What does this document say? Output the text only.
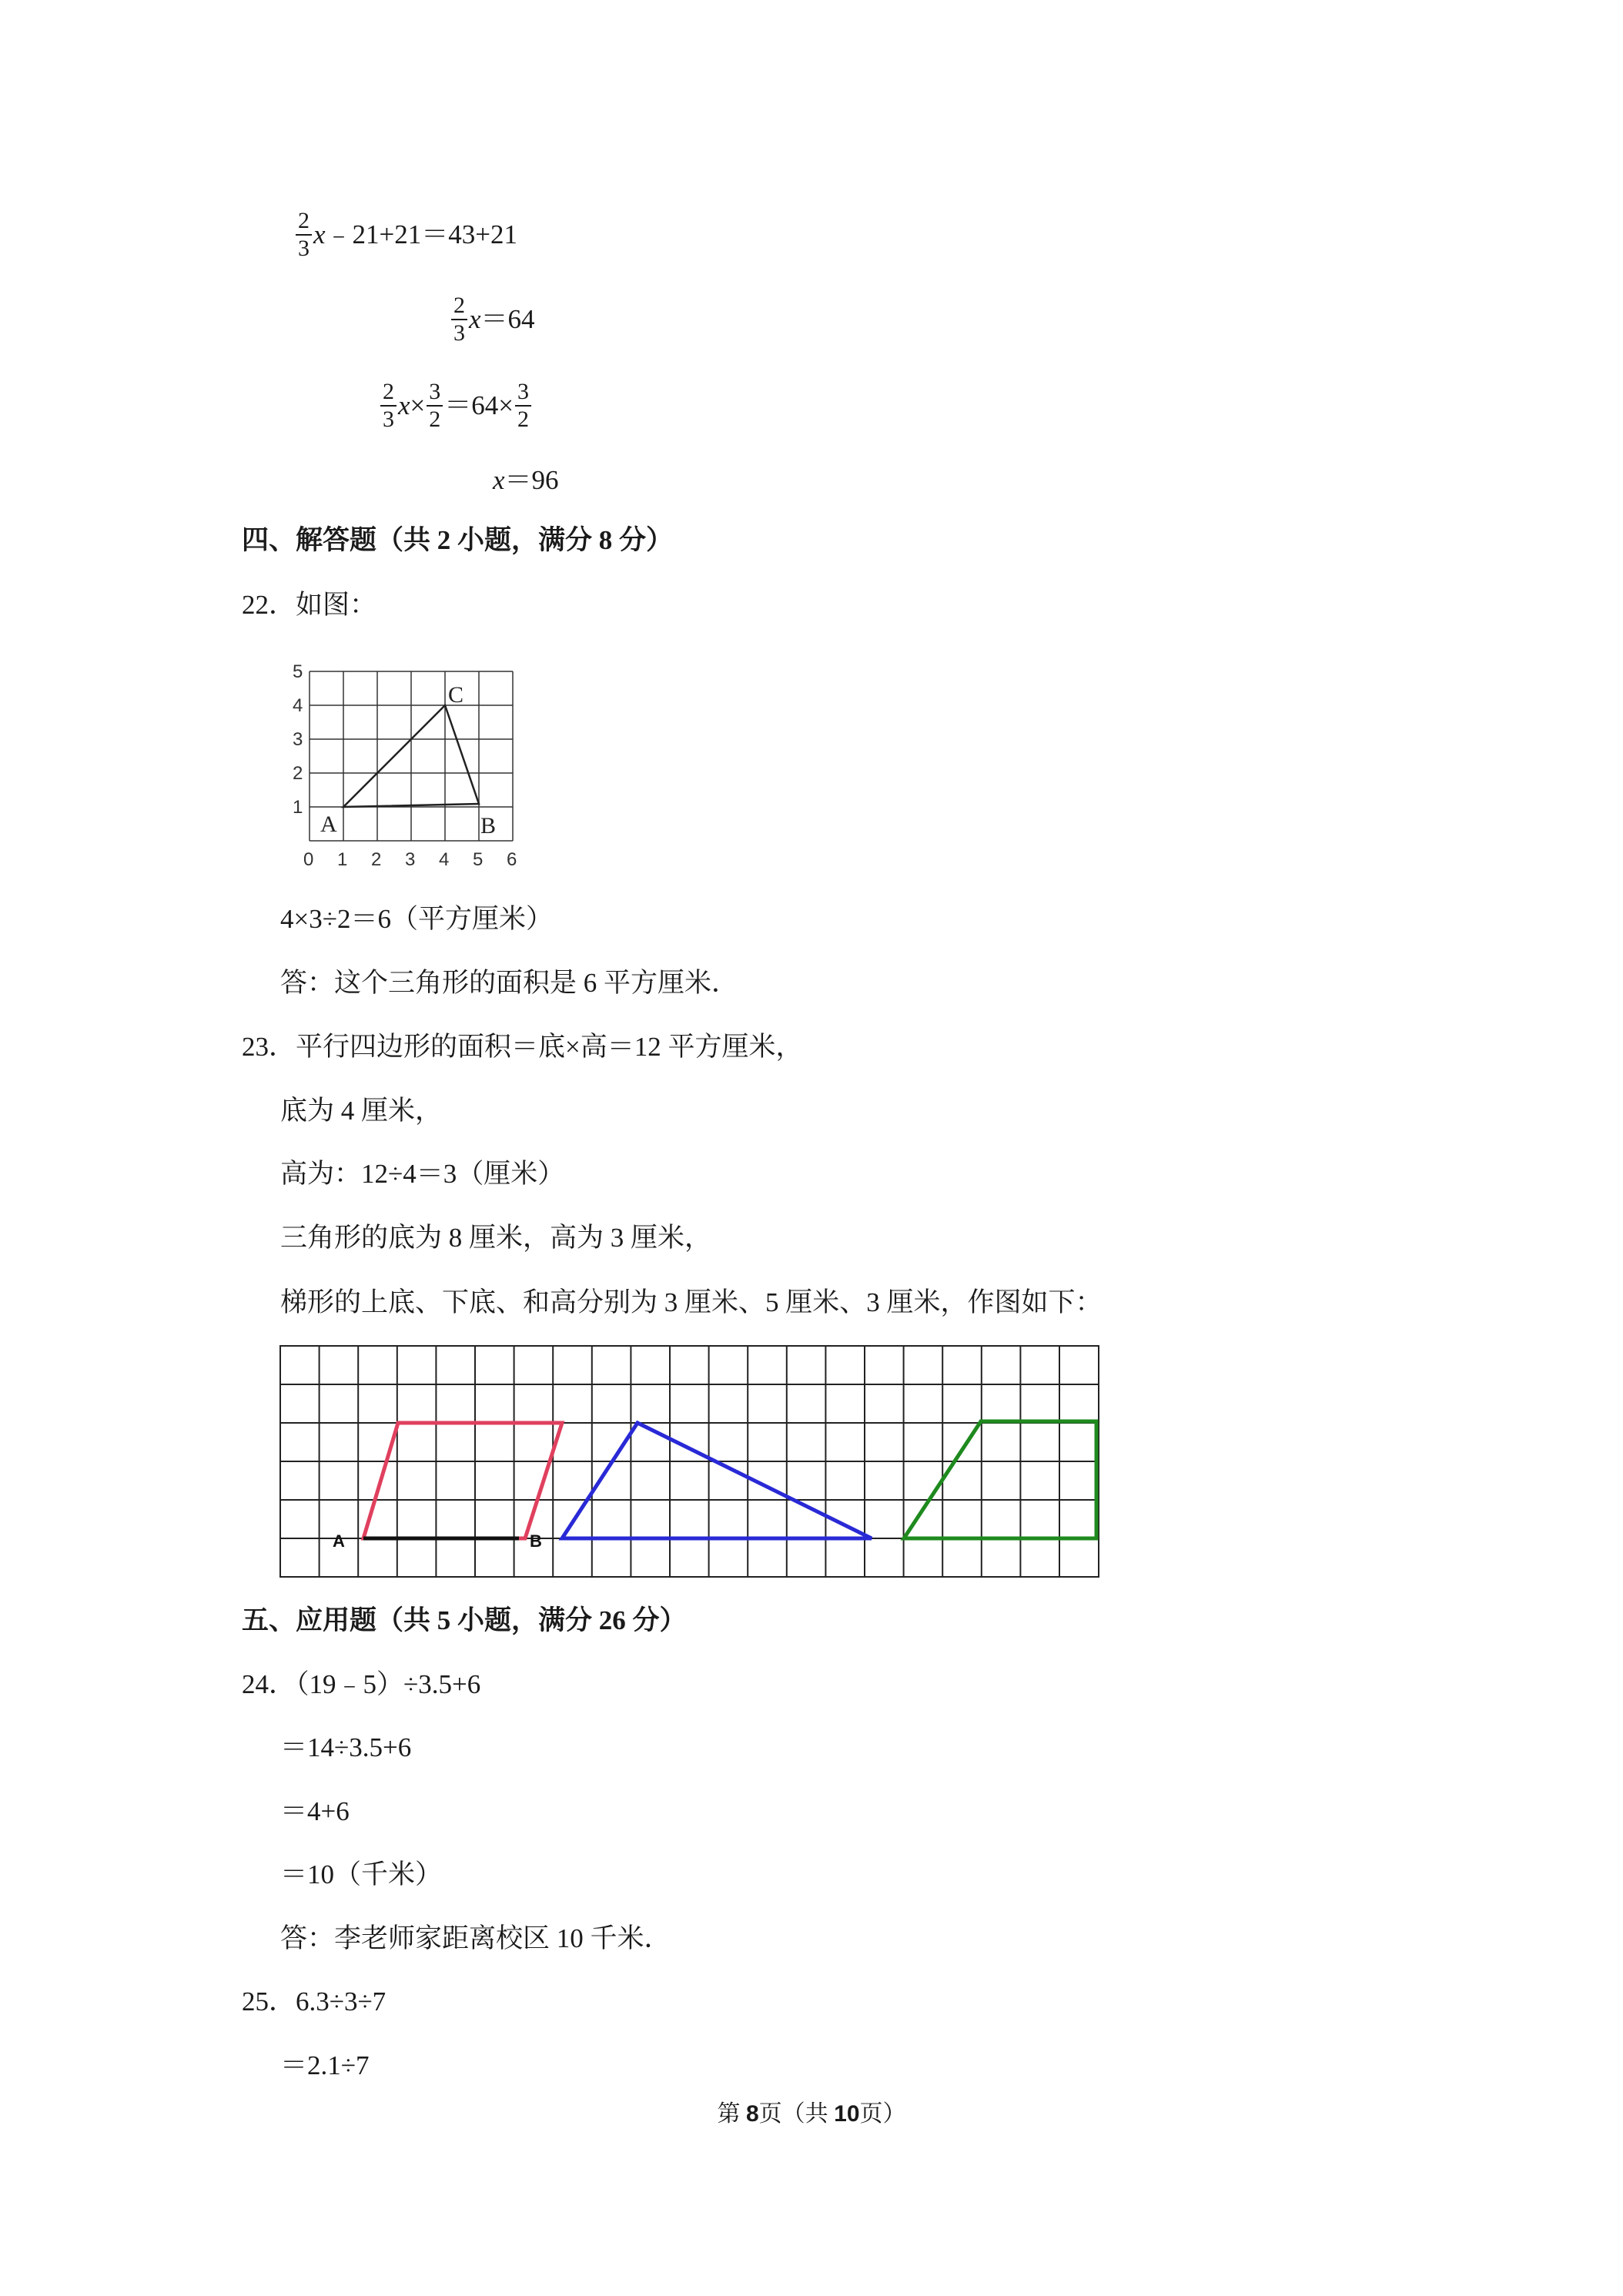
$\frac{2}{3}$ x ﹣21+21＝43+21
$\frac{2}{3}$ x ＝64
$\frac{2}{3}$ $x \times \frac{3}{2} =64\times \frac{3}{2}$
x ＝96
四、解答题（共 2 小题，满分 8 分）
22．如图：
5
4
3
2
1
0 1 2 3 4 5 6
A	B
C
4×3÷2＝6（平方厘米）
答：这个三角形的面积是 6 平方厘米．
23．平行四边形的面积＝底×高＝12 平方厘米，
底为 4 厘米，
高为：12÷4＝3（厘米）
三角形的底为 8 厘米，高为 3 厘米，
梯形的上底、下底、和高分别为 3 厘米、5 厘米、3 厘米，作图如下：
A	B
五、应用题（共 5 小题，满分 26 分）
24．（19﹣5）÷3.5+6
＝14÷3.5+6
＝4+6
＝10（千米）
答：李老师家距离校区 10 千米．
25．6.3÷3÷7
＝2.1÷7
第 8页（共 10页）
